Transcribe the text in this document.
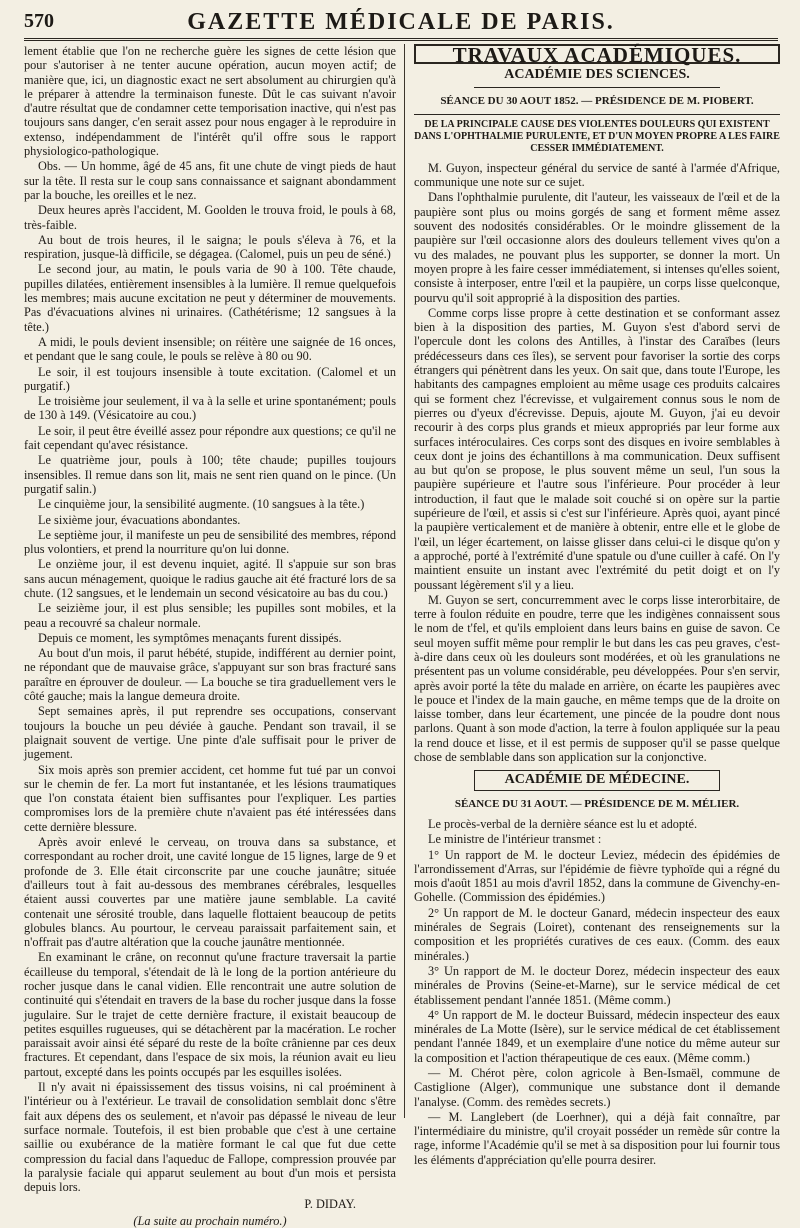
570	GAZETTE MÉDICALE DE PARIS.

lement établie que l'on ne recherche guère les signes de cette lésion que pour s'autoriser à ne tenter aucune opération, aucun moyen actif; de manière que, ici, un diagnostic exact ne sert absolument au chirurgien qu'à le préparer à attendre la terminaison funeste. Dût le cas suivant n'avoir d'autre résultat que de condamner cette temporisation inactive, qui n'est pas toujours sans danger, c'en serait assez pour nous engager à le reproduire in extenso, indépendamment de l'intérêt qu'il offre sous le rapport physiologico-pathologique.

Obs. — Un homme, âgé de 45 ans, fit une chute de vingt pieds de haut sur la tête. Il resta sur le coup sans connaissance et saignant abondamment par la bouche, les oreilles et le nez.

Deux heures après l'accident, M. Goolden le trouva froid, le pouls à 68, très-faible.

Au bout de trois heures, il le saigna; le pouls s'éleva à 76, et la respiration, jusque-là difficile, se dégagea. (Calomel, puis un peu de séné.)

Le second jour, au matin, le pouls varia de 90 à 100. Tête chaude, pupilles dilatées, entièrement insensibles à la lumière. Il remue quelquefois les membres; mais aucune excitation ne peut y déterminer de mouvements. Pas d'évacuations alvines ni urinaires. (Cathétérisme; 12 sangsues à la tête.)

A midi, le pouls devient insensible; on réitère une saignée de 16 onces, et pendant que le sang coule, le pouls se relève à 80 ou 90.

Le soir, il est toujours insensible à toute excitation. (Calomel et un purgatif.)

Le troisième jour seulement, il va à la selle et urine spontanément; pouls de 130 à 149. (Vésicatoire au cou.)

Le soir, il peut être éveillé assez pour répondre aux questions; ce qu'il ne fait cependant qu'avec résistance.

Le quatrième jour, pouls à 100; tête chaude; pupilles toujours insensibles. Il remue dans son lit, mais ne sent rien quand on le pince. (Un purgatif salin.)

Le cinquième jour, la sensibilité augmente. (10 sangsues à la tête.)

Le sixième jour, évacuations abondantes.

Le septième jour, il manifeste un peu de sensibilité des membres, répond plus volontiers, et prend la nourriture qu'on lui donne.

Le onzième jour, il est devenu inquiet, agité. Il s'appuie sur son bras sans aucun ménagement, quoique le radius gauche ait été fracturé lors de sa chute. (12 sangsues, et le lendemain un second vésicatoire au bas du cou.)

Le seizième jour, il est plus sensible; les pupilles sont mobiles, et la peau a recouvré sa chaleur normale.

Depuis ce moment, les symptômes menaçants furent dissipés.

Au bout d'un mois, il parut hébété, stupide, indifférent au dernier point, ne répondant que de mauvaise grâce, s'appuyant sur son bras fracturé sans paraître en éprouver de douleur. — La bouche se tira graduellement vers le côté gauche; mais la langue demeura droite.

Sept semaines après, il put reprendre ses occupations, conservant toujours la bouche un peu déviée à gauche. Pendant son travail, il se plaignait souvent de vertige. Une pinte d'ale suffisait pour le priver de jugement.

Six mois après son premier accident, cet homme fut tué par un convoi sur le chemin de fer. La mort fut instantanée, et les lésions traumatiques que l'on constata étaient bien suffisantes pour l'expliquer. Les parties compromises lors de la première chute n'avaient pas été intéressées dans cette dernière blessure.

Après avoir enlevé le cerveau, on trouva dans sa substance, et correspondant au rocher droit, une cavité longue de 15 lignes, large de 9 et profonde de 3. Elle était circonscrite par une couche jaunâtre; située d'ailleurs tout à fait au-dessous des membranes cérébrales, lesquelles étaient aussi couvertes par une matière jaune semblable. La cavité contenait une sérosité trouble, dans laquelle flottaient beaucoup de petits globules blancs. Au pourtour, le cerveau paraissait parfaitement sain, et n'offrait pas d'autre altération que la couche jaunâtre mentionnée.

En examinant le crâne, on reconnut qu'une fracture traversait la partie écailleuse du temporal, s'étendait de là le long de la portion antérieure du rocher jusque dans le canal vidien. Elle rencontrait une autre solution de continuité qui s'étendait en travers de la base du rocher jusque dans la fosse jugulaire. Sur le trajet de cette dernière fracture, il existait beaucoup de petites esquilles rugueuses, qui se détachèrent par la macération. Le rocher paraissait avoir ainsi été séparé du reste de la boîte crânienne par ces deux fractures. Et cependant, dans l'espace de six mois, la réunion avait eu lieu partout, excepté dans les points occupés par les esquilles isolées.

Il n'y avait ni épaississement des tissus voisins, ni cal proéminent à l'intérieur ou à l'extérieur. Le travail de consolidation semblait donc s'être fait aux dépens des os seulement, et n'avoir pas dépassé le niveau de leur surface normale. Toutefois, il est bien probable que c'est à une certaine saillie ou exubérance de la matière formant le cal que fut due cette compression du facial dans l'aqueduc de Fallope, compression prouvée par la paralysie faciale qui apparut seulement au bout d'un mois et persista depuis lors.

P. DIDAY.
(La suite au prochain numéro.)
TRAVAUX ACADÉMIQUES.
ACADÉMIE DES SCIENCES.
SÉANCE DU 30 AOUT 1852. — PRÉSIDENCE DE M. PIOBERT.
DE LA PRINCIPALE CAUSE DES VIOLENTES DOULEURS QUI EXISTENT DANS L'OPHTHALMIE PURULENTE, ET D'UN MOYEN PROPRE A LES FAIRE CESSER IMMÉDIATEMENT.

M. Guyon, inspecteur général du service de santé à l'armée d'Afrique, communique une note sur ce sujet.

Dans l'ophthalmie purulente, dit l'auteur, les vaisseaux de l'œil et de la paupière sont plus ou moins gorgés de sang et forment même assez souvent des nodosités considérables. Or le moindre glissement de la paupière sur l'œil occasionne alors des douleurs tellement vives qu'on a vu des malades, ne pouvant plus les supporter, se donner la mort. Un moyen propre à les faire cesser immédiatement, si intenses qu'elles soient, consiste à interposer, entre l'œil et la paupière, un corps lisse quelconque, pourvu qu'il soit approprié à la disposition des parties.

Comme corps lisse propre à cette destination et se conformant assez bien à la disposition des parties, M. Guyon s'est d'abord servi de l'opercule dont les colons des Antilles, à l'instar des Caraïbes (leurs prédécesseurs dans ces îles), se servent pour favoriser la sortie des corps étrangers qui pénètrent dans les yeux. On sait que, dans toute l'Europe, les habitants des campagnes emploient au même usage ces produits calcaires qui se forment chez l'écrevisse, et vulgairement connus sous le nom de pierres ou d'yeux d'écrevisse. Depuis, ajoute M. Guyon, j'ai eu devoir recourir à des corps plus grands et mieux appropriés par leur forme aux surfaces intéroculaires. Ces corps sont des disques en ivoire semblables à ceux dont je joins des échantillons à ma communication. Deux suffisent au but qu'on se propose, le plus souvent même un seul, l'un sous la paupière supérieure et l'autre sous l'inférieure. Pour procéder à leur introduction, il faut que le malade soit couché si on opère sur la partie supérieure de l'œil, et assis si c'est sur l'inférieure. Après quoi, ayant pincé la paupière verticalement et de manière à obtenir, entre elle et le globe de l'œil, un léger écartement, on laisse glisser dans celui-ci le disque qu'on y a approché, porté à l'extrémité d'une spatule ou d'une cuiller à café. On l'y maintient ensuite un instant avec l'extrémité du petit doigt et on l'y poussant légèrement s'il y a lieu.

M. Guyon se sert, concurremment avec le corps lisse interorbitaire, de terre à foulon réduite en poudre, terre que les indigènes connaissent sous le nom de t'fel, et qu'ils emploient dans leurs bains en guise de savon. Ce seul moyen suffit même pour remplir le but dans les cas peu graves, c'est-à-dire dans ceux où les douleurs sont modérées, et où les granulations ne présentent pas un volume considérable, peu développées. Pour s'en servir, après avoir porté la tête du malade en arrière, on écarte les paupières avec le pouce et l'index de la main gauche, en même temps que de la droite on laisse tomber, dans leur écartement, une pincée de la poudre dont nous parlons. Quant à son mode d'action, la terre à foulon appliquée sur la peau la rend douce et lisse, et il est permis de supposer qu'il se passe quelque chose de semblable dans son application sur la conjonctive.

ACADÉMIE DE MÉDECINE.
SÉANCE DU 31 AOUT. — PRÉSIDENCE DE M. MÉLIER.

Le procès-verbal de la dernière séance est lu et adopté.

Le ministre de l'intérieur transmet :

1° Un rapport de M. le docteur Leviez, médecin des épidémies de l'arrondissement d'Arras, sur l'épidémie de fièvre typhoïde qui a régné du mois d'août 1851 au mois d'avril 1852, dans la commune de Givenchy-en-Gohelle. (Commission des épidémies.)

2° Un rapport de M. le docteur Ganard, médecin inspecteur des eaux minérales de Segrais (Loiret), contenant des renseignements sur la composition et les propriétés curatives de ces eaux. (Comm. des eaux minérales.)

3° Un rapport de M. le docteur Dorez, médecin inspecteur des eaux minérales de Provins (Seine-et-Marne), sur le service médical de cet établissement pendant l'année 1851. (Même comm.)

4° Un rapport de M. le docteur Buissard, médecin inspecteur des eaux minérales de La Motte (Isère), sur le service médical de cet établissement pendant l'année 1849, et un exemplaire d'une notice du même auteur sur la composition et l'action thérapeutique de ces eaux. (Même comm.)

— M. Chérot père, colon agricole à Ben-Ismaël, commune de Castiglione (Alger), communique une substance dont il demande l'analyse. (Comm. des remèdes secrets.)

— M. Langlebert (de Loerhner), qui a déjà fait connaître, par l'intermédiaire du ministre, qu'il croyait posséder un remède sûr contre la rage, informe l'Académie qu'il se met à sa disposition pour lui fournir tous les éléments d'appréciation qu'elle pourra desirer.
